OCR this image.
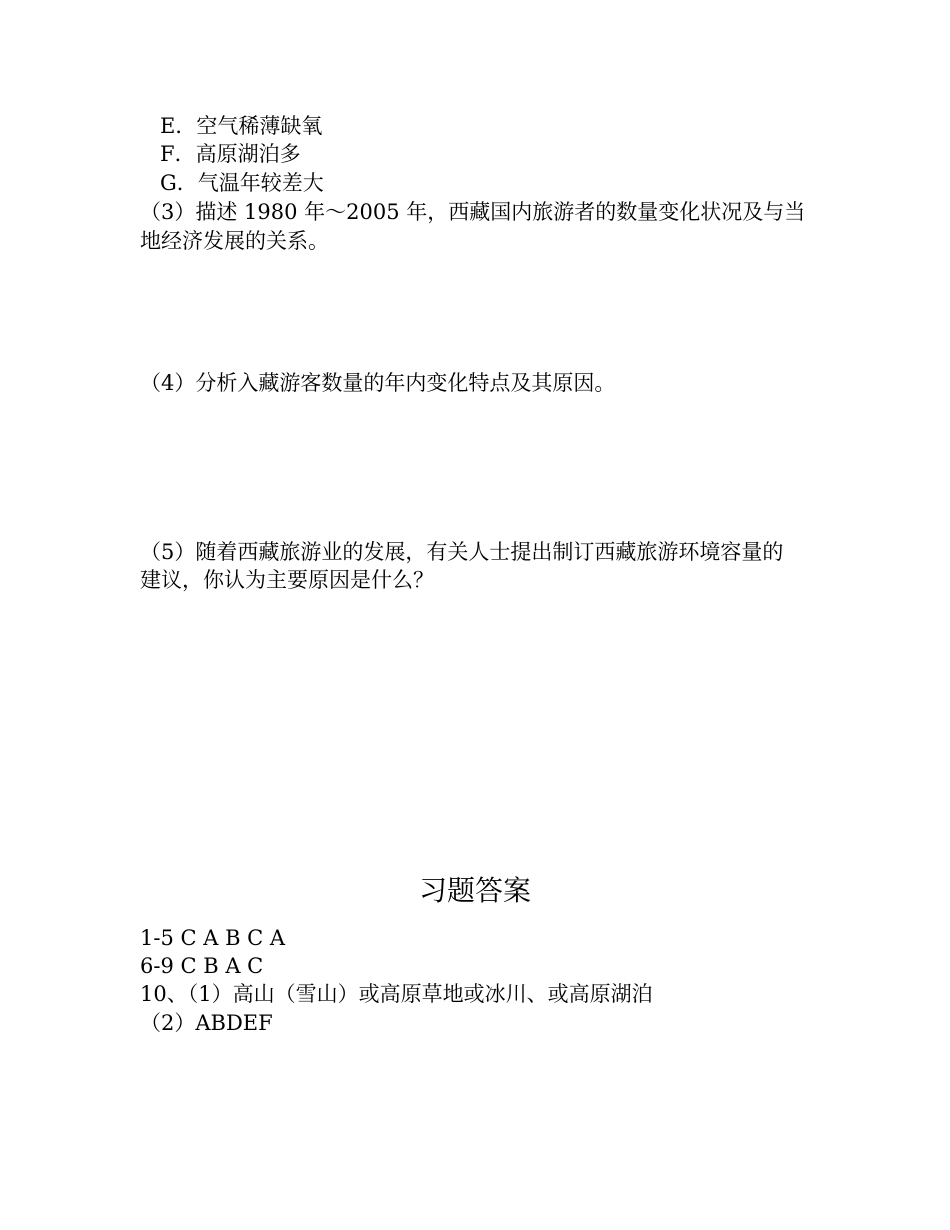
E．空气稀薄缺氧
F．高原湖泊多
G．气温年较差大
（3）描述 1980 年～2005 年，西藏国内旅游者的数量变化状况及与当
地经济发展的关系。
（4）分析入藏游客数量的年内变化特点及其原因。
（5）随着西藏旅游业的发展，有关人士提出制订西藏旅游环境容量的
建议，你认为主要原因是什么？
习题答案
1-5 C A B C A
6-9 C B A C
10、（1）高山（雪山）或高原草地或冰川、或高原湖泊
（2）ABDEF
